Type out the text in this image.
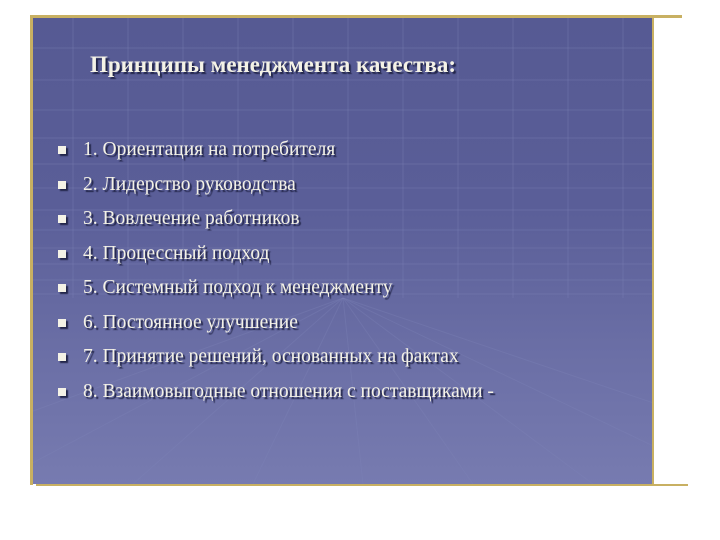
Принципы менеджмента качества:
1. Ориентация на потребителя
2. Лидерство руководства
3. Вовлечение работников
4. Процессный подход
5. Системный подход к менеджменту
6. Постоянное улучшение
7. Принятие решений, основанных на фактах
8. Взаимовыгодные отношения с поставщиками -
